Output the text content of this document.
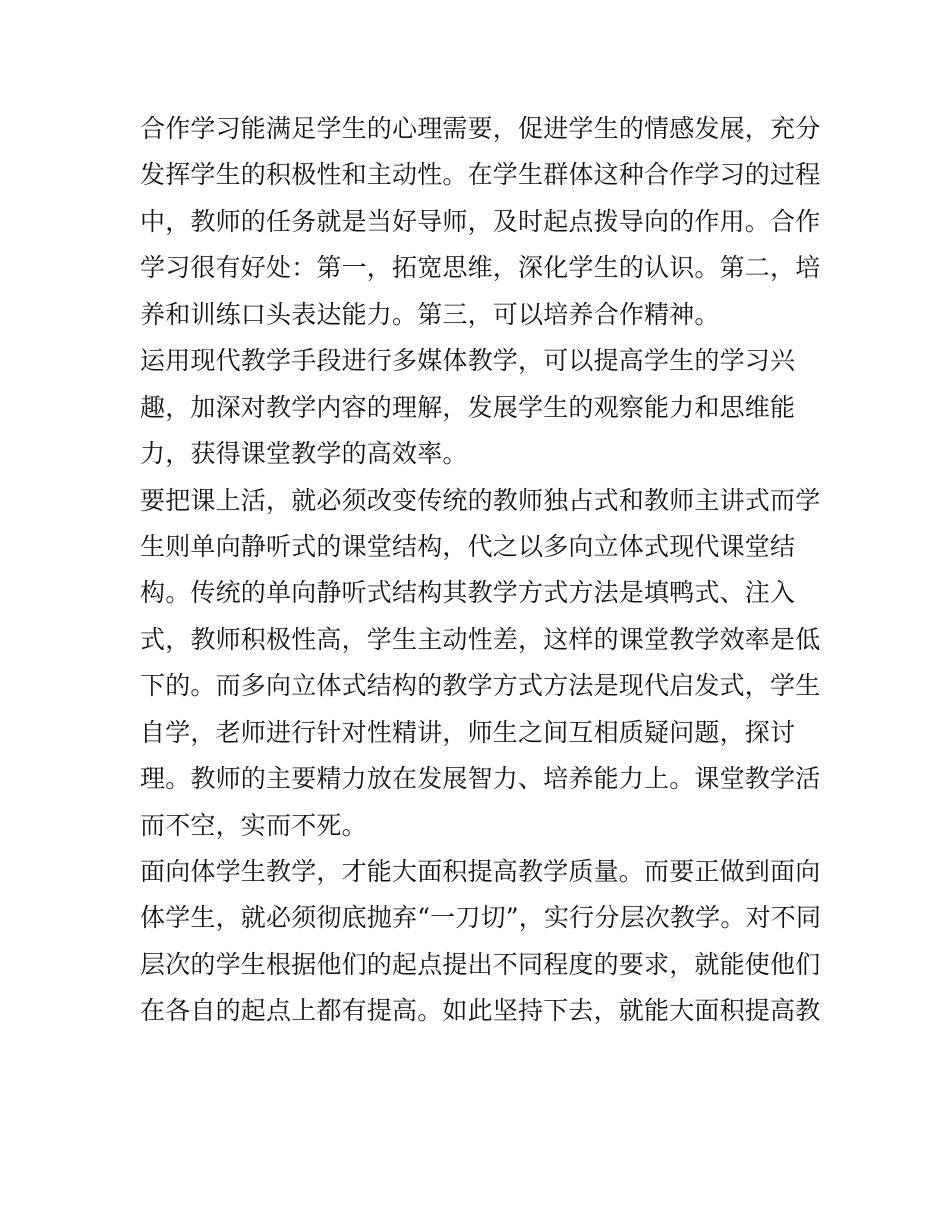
合作学习能满足学生的心理需要，促进学生的情感发展，充分
发挥学生的积极性和主动性。在学生群体这种合作学习的过程
中，教师的任务就是当好导师，及时起点拨导向的作用。合作
学习很有好处：第一，拓宽思维，深化学生的认识。第二，培
养和训练口头表达能力。第三，可以培养合作精神。
运用现代教学手段进行多媒体教学，可以提高学生的学习兴
趣，加深对教学内容的理解，发展学生的观察能力和思维能
力，获得课堂教学的高效率。
要把课上活，就必须改变传统的教师独占式和教师主讲式而学
生则单向静听式的课堂结构，代之以多向立体式现代课堂结
构。传统的单向静听式结构其教学方式方法是填鸭式、注入
式，教师积极性高，学生主动性差，这样的课堂教学效率是低
下的。而多向立体式结构的教学方式方法是现代启发式，学生
自学，老师进行针对性精讲，师生之间互相质疑问题，探讨
理。教师的主要精力放在发展智力、培养能力上。课堂教学活
而不空，实而不死。
面向体学生教学，才能大面积提高教学质量。而要正做到面向
体学生，就必须彻底抛弃“一刀切”，实行分层次教学。对不同
层次的学生根据他们的起点提出不同程度的要求，就能使他们
在各自的起点上都有提高。如此坚持下去，就能大面积提高教
